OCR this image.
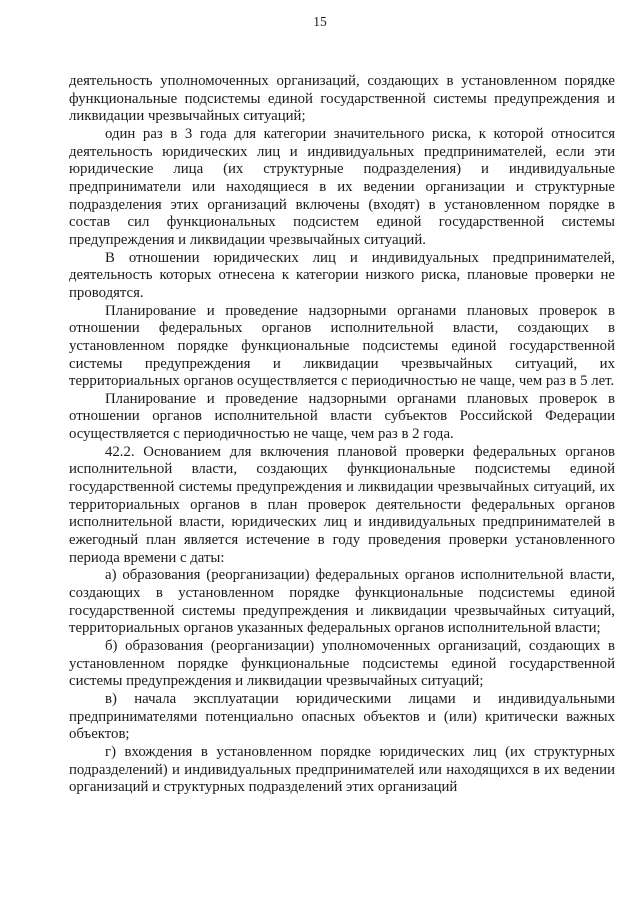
15

деятельность уполномоченных организаций, создающих в установленном порядке функциональные подсистемы единой государственной системы предупреждения и ликвидации чрезвычайных ситуаций;

один раз в 3 года для категории значительного риска, к которой относится деятельность юридических лиц и индивидуальных предпринимателей, если эти юридические лица (их структурные подразделения) и индивидуальные предприниматели или находящиеся в их ведении организации и структурные подразделения этих организаций включены (входят) в установленном порядке в состав сил функциональных подсистем единой государственной системы предупреждения и ликвидации чрезвычайных ситуаций.

В отношении юридических лиц и индивидуальных предпринимателей, деятельность которых отнесена к категории низкого риска, плановые проверки не проводятся.

Планирование и проведение надзорными органами плановых проверок в отношении федеральных органов исполнительной власти, создающих в установленном порядке функциональные подсистемы единой государственной системы предупреждения и ликвидации чрезвычайных ситуаций, их территориальных органов осуществляется с периодичностью не чаще, чем раз в 5 лет.

Планирование и проведение надзорными органами плановых проверок в отношении органов исполнительной власти субъектов Российской Федерации осуществляется с периодичностью не чаще, чем раз в 2 года.

42.2. Основанием для включения плановой проверки федеральных органов исполнительной власти, создающих функциональные подсистемы единой государственной системы предупреждения и ликвидации чрезвычайных ситуаций, их территориальных органов в план проверок деятельности федеральных органов исполнительной власти, юридических лиц и индивидуальных предпринимателей в ежегодный план является истечение в году проведения проверки установленного периода времени с даты:

а) образования (реорганизации) федеральных органов исполнительной власти, создающих в установленном порядке функциональные подсистемы единой государственной системы предупреждения и ликвидации чрезвычайных ситуаций, территориальных органов указанных федеральных органов исполнительной власти;

б) образования (реорганизации) уполномоченных организаций, создающих в установленном порядке функциональные подсистемы единой государственной системы предупреждения и ликвидации чрезвычайных ситуаций;

в) начала эксплуатации юридическими лицами и индивидуальными предпринимателями потенциально опасных объектов и (или) критически важных объектов;

г) вхождения в установленном порядке юридических лиц (их структурных подразделений) и индивидуальных предпринимателей или находящихся в их ведении организаций и структурных подразделений этих организаций
